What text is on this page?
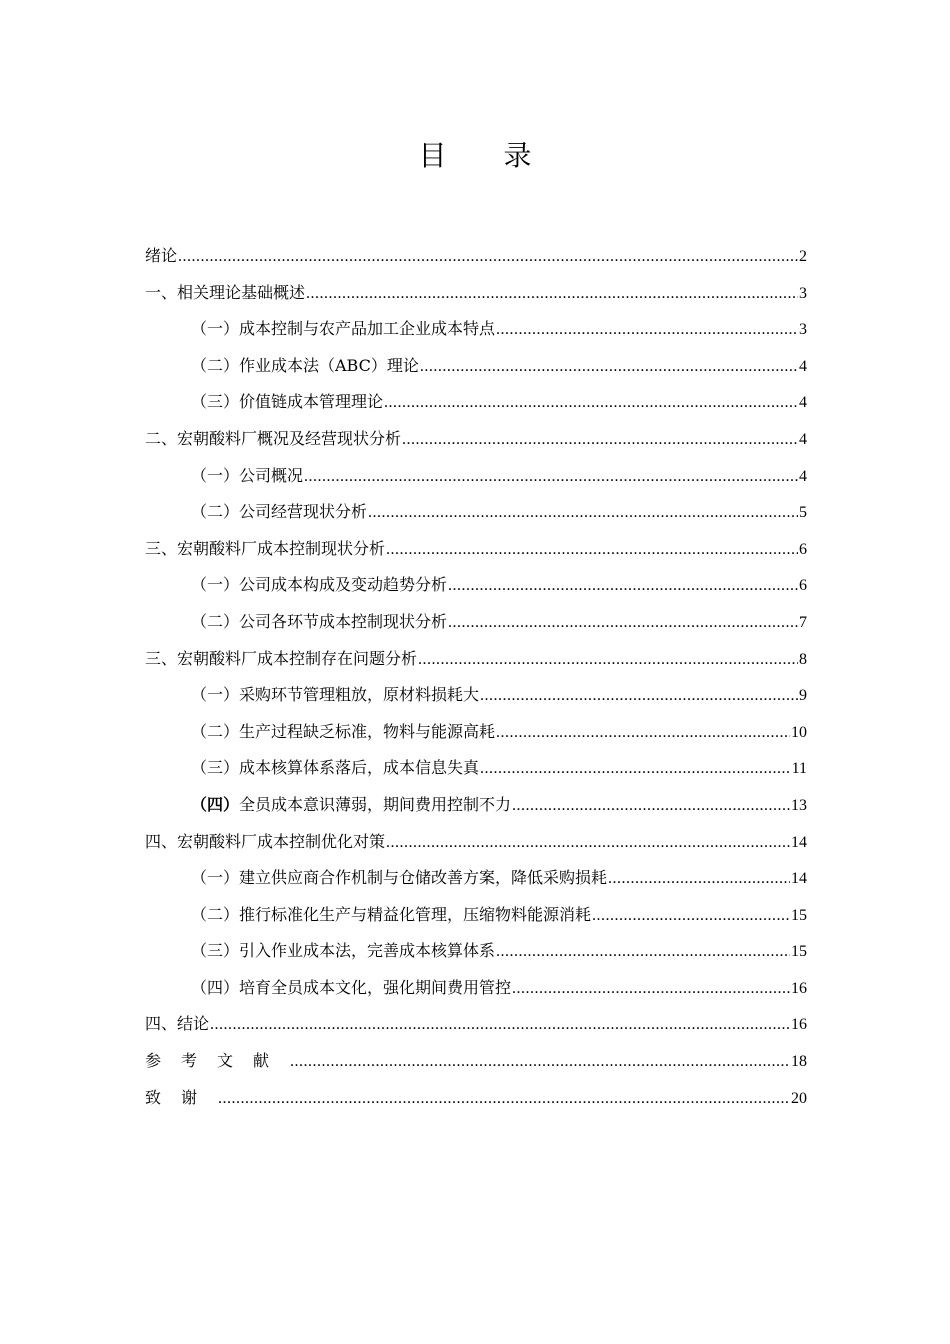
目 录
绪论 .....	2
一、相关理论基础概述 .....	3
（一）成本控制与农产品加工企业成本特点 .....	3
（二）作业成本法（ABC）理论 .....	4
（三）价值链成本管理理论 .....	4
二、宏朝酸料厂概况及经营现状分析 .....	4
（一）公司概况 .....	4
（二）公司经营现状分析 .....	5
三、宏朝酸料厂成本控制现状分析 .....	6
（一）公司成本构成及变动趋势分析 .....	6
（二）公司各环节成本控制现状分析 .....	7
三、宏朝酸料厂成本控制存在问题分析 .....	8
（一）采购环节管理粗放，原材料损耗大 .....	9
（二）生产过程缺乏标准，物料与能源高耗 .....	10
（三）成本核算体系落后，成本信息失真 .....	11
（四）全员成本意识薄弱，期间费用控制不力 .....	13
四、宏朝酸料厂成本控制优化对策 .....	14
（一）建立供应商合作机制与仓储改善方案，降低采购损耗 .....	14
（二）推行标准化生产与精益化管理，压缩物料能源消耗 .....	15
（三）引入作业成本法，完善成本核算体系 .....	15
（四）培育全员成本文化，强化期间费用管控 .....	16
四、结论 .....	16
参考文献 .....	18
致谢 .....	20
